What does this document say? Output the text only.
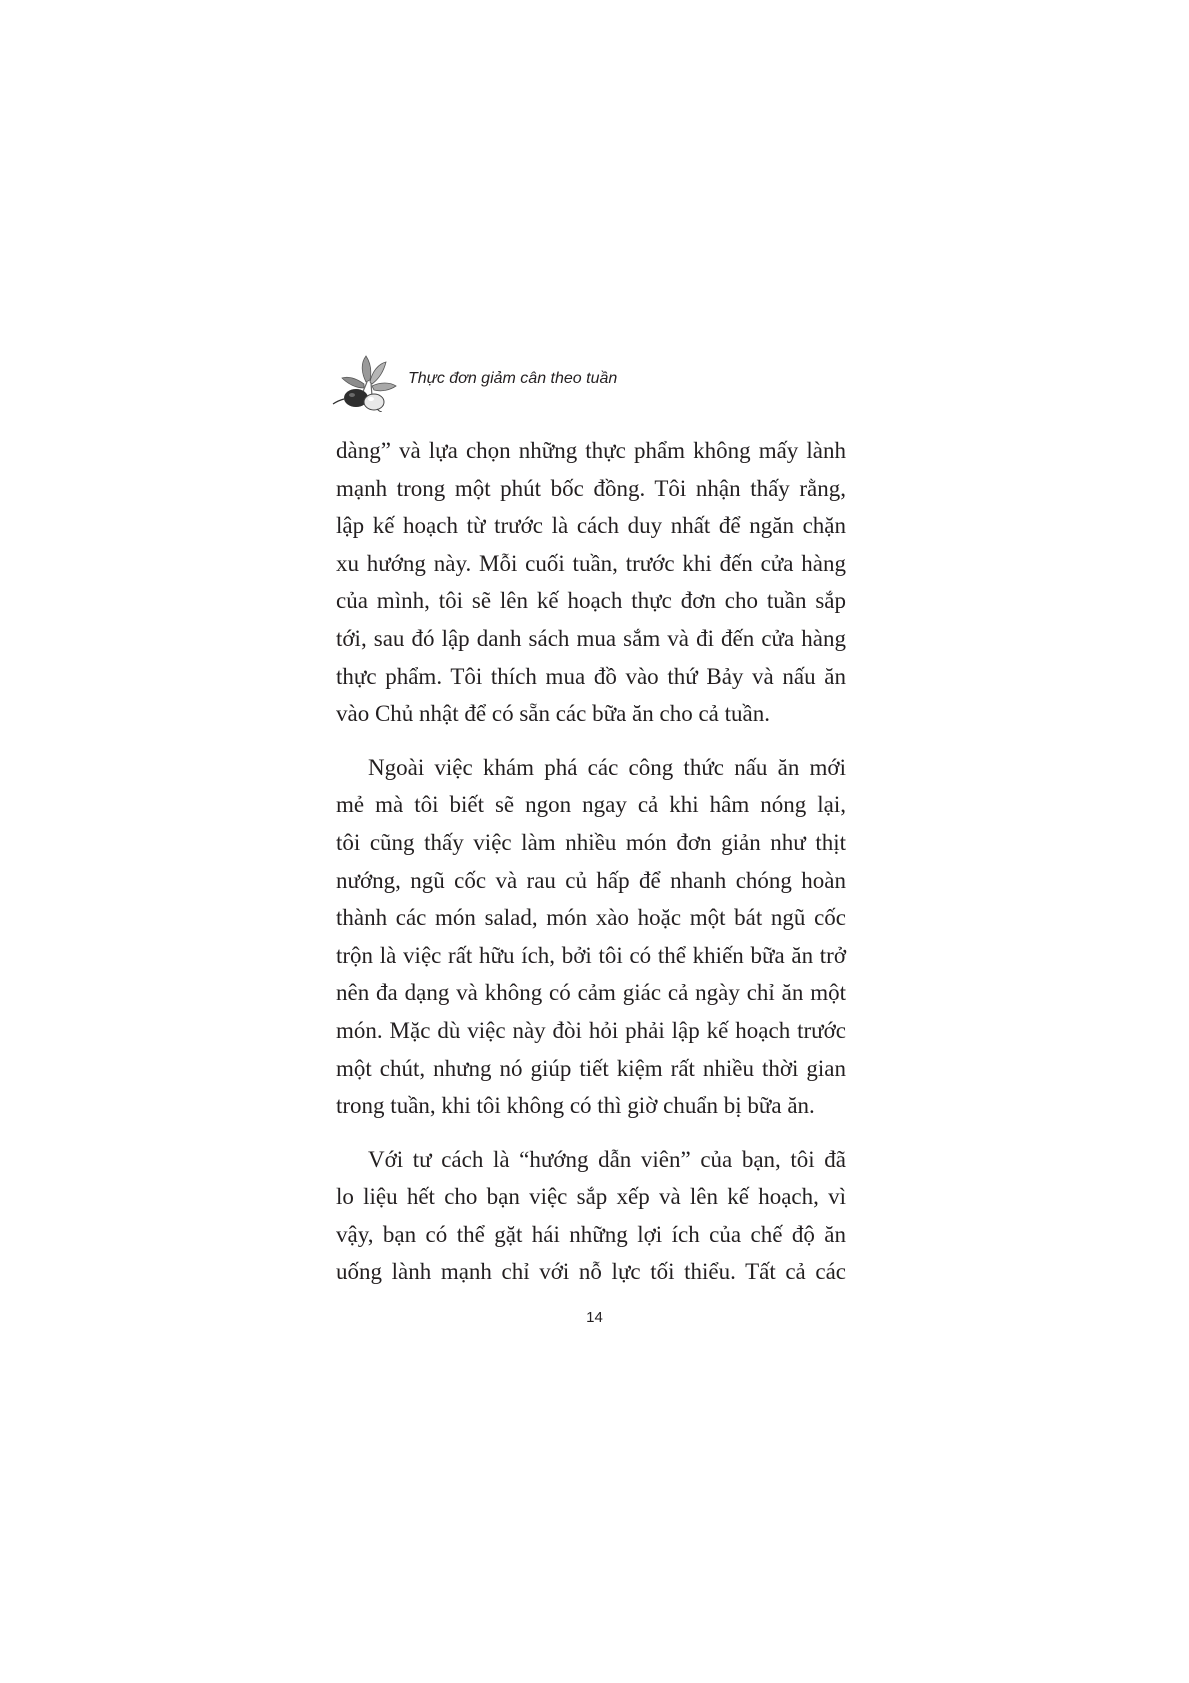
Thực đơn giảm cân theo tuần
dàng” và lựa chọn những thực phẩm không mấy lành
mạnh trong một phút bốc đồng. Tôi nhận thấy rằng,
lập kế hoạch từ trước là cách duy nhất để ngăn chặn
xu hướng này. Mỗi cuối tuần, trước khi đến cửa hàng
của mình, tôi sẽ lên kế hoạch thực đơn cho tuần sắp
tới, sau đó lập danh sách mua sắm và đi đến cửa hàng
thực phẩm. Tôi thích mua đồ vào thứ Bảy và nấu ăn
vào Chủ nhật để có sẵn các bữa ăn cho cả tuần.
Ngoài việc khám phá các công thức nấu ăn mới
mẻ mà tôi biết sẽ ngon ngay cả khi hâm nóng lại,
tôi cũng thấy việc làm nhiều món đơn giản như thịt
nướng, ngũ cốc và rau củ hấp để nhanh chóng hoàn
thành các món salad, món xào hoặc một bát ngũ cốc
trộn là việc rất hữu ích, bởi tôi có thể khiến bữa ăn trở
nên đa dạng và không có cảm giác cả ngày chỉ ăn một
món. Mặc dù việc này đòi hỏi phải lập kế hoạch trước
một chút, nhưng nó giúp tiết kiệm rất nhiều thời gian
trong tuần, khi tôi không có thì giờ chuẩn bị bữa ăn.
Với tư cách là “hướng dẫn viên” của bạn, tôi đã
lo liệu hết cho bạn việc sắp xếp và lên kế hoạch, vì
vậy, bạn có thể gặt hái những lợi ích của chế độ ăn
uống lành mạnh chỉ với nỗ lực tối thiểu. Tất cả các
14
